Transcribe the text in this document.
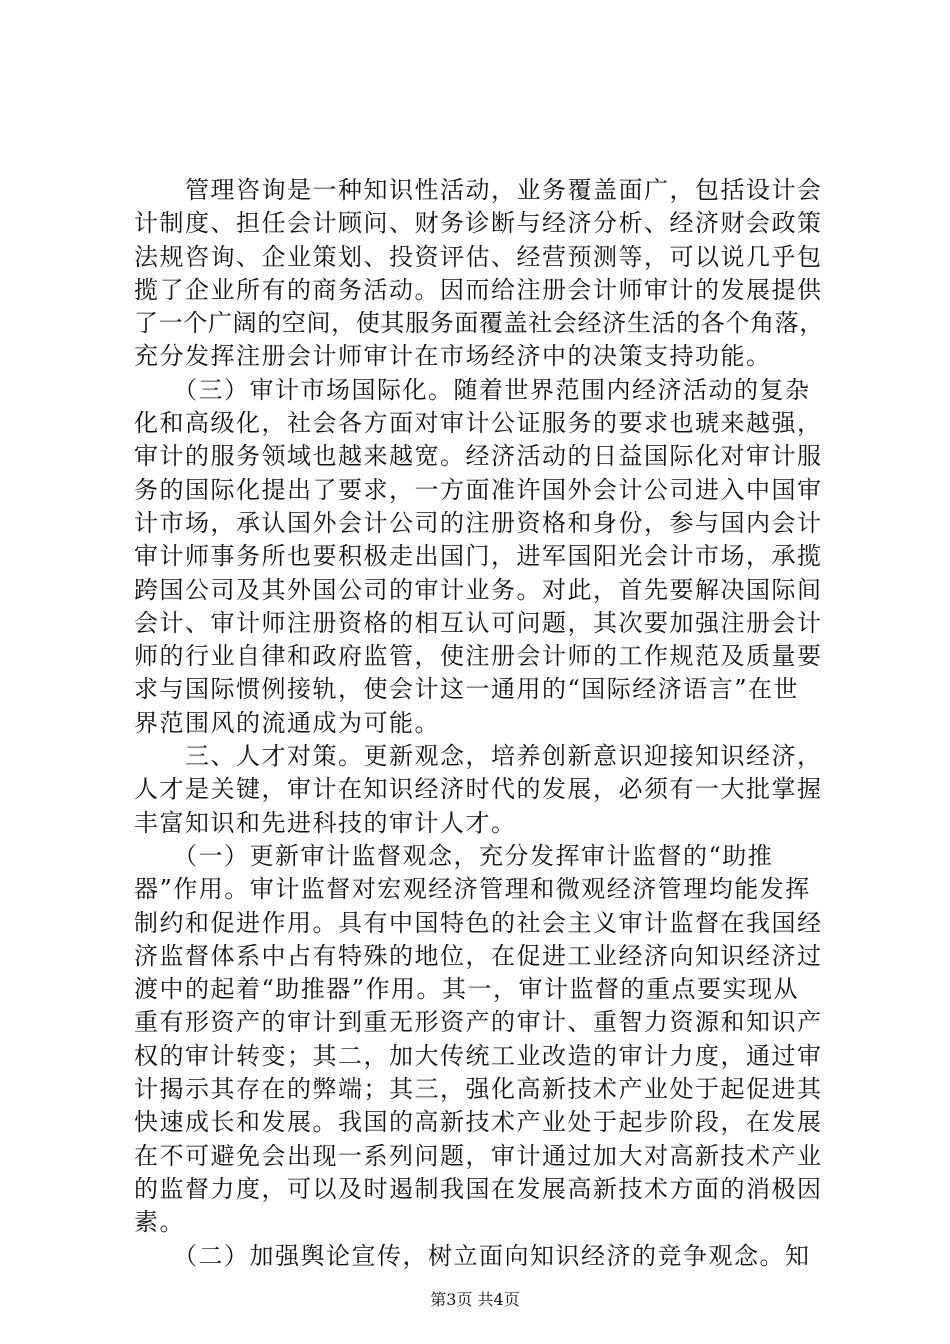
　　管理咨询是一种知识性活动，业务覆盖面广，包括设计会
计制度、担任会计顾问、财务诊断与经济分析、经济财会政策
法规咨询、企业策划、投资评估、经营预测等，可以说几乎包
揽了企业所有的商务活动。因而给注册会计师审计的发展提供
了一个广阔的空间，使其服务面覆盖社会经济生活的各个角落，
充分发挥注册会计师审计在市场经济中的决策支持功能。
　　（三）审计市场国际化。随着世界范围内经济活动的复杂
化和高级化，社会各方面对审计公证服务的要求也琥来越强，
审计的服务领域也越来越宽。经济活动的日益国际化对审计服
务的国际化提出了要求，一方面准许国外会计公司进入中国审
计市场，承认国外会计公司的注册资格和身份，参与国内会计
审计师事务所也要积极走出国门，进军国阳光会计市场，承揽
跨国公司及其外国公司的审计业务。对此，首先要解决国际间
会计、审计师注册资格的相互认可问题，其次要加强注册会计
师的行业自律和政府监管，使注册会计师的工作规范及质量要
求与国际惯例接轨，使会计这一通用的“国际经济语言”在世
界范围风的流通成为可能。
　　三、人才对策。更新观念，培养创新意识迎接知识经济，
人才是关键，审计在知识经济时代的发展，必须有一大批掌握
丰富知识和先进科技的审计人才。
　　（一）更新审计监督观念，充分发挥审计监督的“助推
器”作用。审计监督对宏观经济管理和微观经济管理均能发挥
制约和促进作用。具有中国特色的社会主义审计监督在我国经
济监督体系中占有特殊的地位，在促进工业经济向知识经济过
渡中的起着“助推器”作用。其一，审计监督的重点要实现从
重有形资产的审计到重无形资产的审计、重智力资源和知识产
权的审计转变；其二，加大传统工业改造的审计力度，通过审
计揭示其存在的弊端；其三，强化高新技术产业处于起促进其
快速成长和发展。我国的高新技术产业处于起步阶段，在发展
在不可避免会出现一系列问题，审计通过加大对高新技术产业
的监督力度，可以及时遏制我国在发展高新技术方面的消极因
素。
　　（二）加强舆论宣传，树立面向知识经济的竞争观念。知
第3页 共4页
